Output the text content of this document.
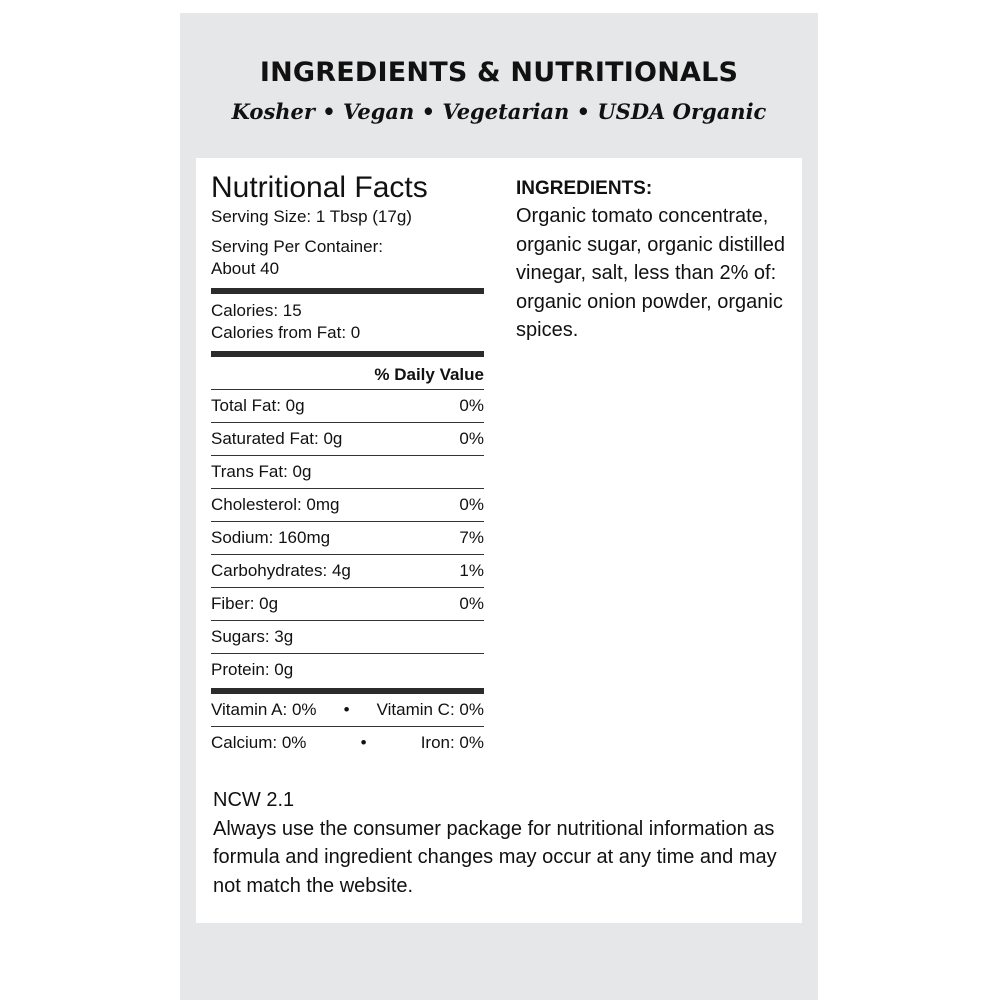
INGREDIENTS & NUTRITIONALS
Kosher • Vegan • Vegetarian • USDA Organic
Nutritional Facts
Serving Size: 1 Tbsp (17g)
Serving Per Container:
About 40
Calories: 15
Calories from Fat: 0
% Daily Value
Total Fat: 0g	0%
Saturated Fat: 0g	0%
Trans Fat: 0g
Cholesterol: 0mg	0%
Sodium: 160mg	7%
Carbohydrates: 4g	1%
Fiber: 0g	0%
Sugars: 3g
Protein: 0g
Vitamin A: 0% • Vitamin C: 0%
Calcium: 0%	•	Iron: 0%
INGREDIENTS:
Organic tomato concentrate, organic sugar, organic distilled vinegar, salt, less than 2% of: organic onion powder, organic spices.
NCW 2.1
Always use the consumer package for nutritional information as formula and ingredient changes may occur at any time and may not match the website.
